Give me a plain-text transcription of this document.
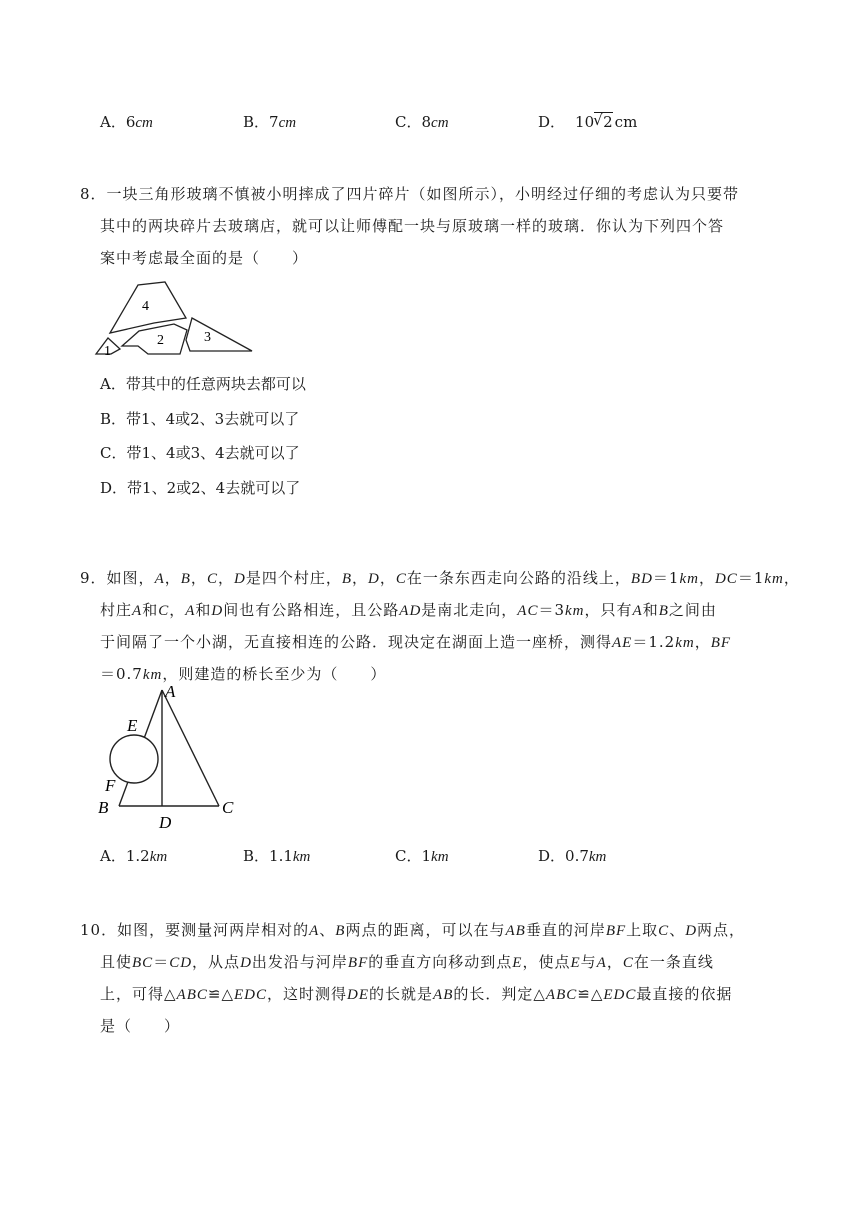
A．6cm	B．7cm	C．8cm	D． 10 √ 2 cm
8．一块三角形玻璃不慎被小明摔成了四片碎片（如图所示），小明经过仔细的考虑认为只要带
其中的两块碎片去玻璃店，就可以让师傅配一块与原玻璃一样的玻璃．你认为下列四个答
案中考虑最全面的是（　　）
4
1
2	3
A．带其中的任意两块去都可以
B．带1、4或2、3去就可以了
C．带1、4或3、4去就可以了
D．带1、2或2、4去就可以了
9．如图，A，B，C，D是四个村庄，B，D，C在一条东西走向公路的沿线上，BD＝1km，DC＝1km，
村庄A和C，A和D间也有公路相连，且公路AD是南北走向，AC＝3km，只有A和B之间由
于间隔了一个小湖，无直接相连的公路．现决定在湖面上造一座桥，测得AE＝1.2km，BF
＝0.7km，则建造的桥长至少为（　　）
A
E
F
B
D
C
A．1.2km	B．1.1km	C．1km	D．0.7km
10．如图，要测量河两岸相对的A、B两点的距离，可以在与AB垂直的河岸BF上取C、D两点，
且使BC＝CD，从点D出发沿与河岸BF的垂直方向移动到点E，使点E与A，C在一条直线
上，可得△ABC≌△EDC，这时测得DE的长就是AB的长．判定△ABC≌△EDC最直接的依据
是（　　）
